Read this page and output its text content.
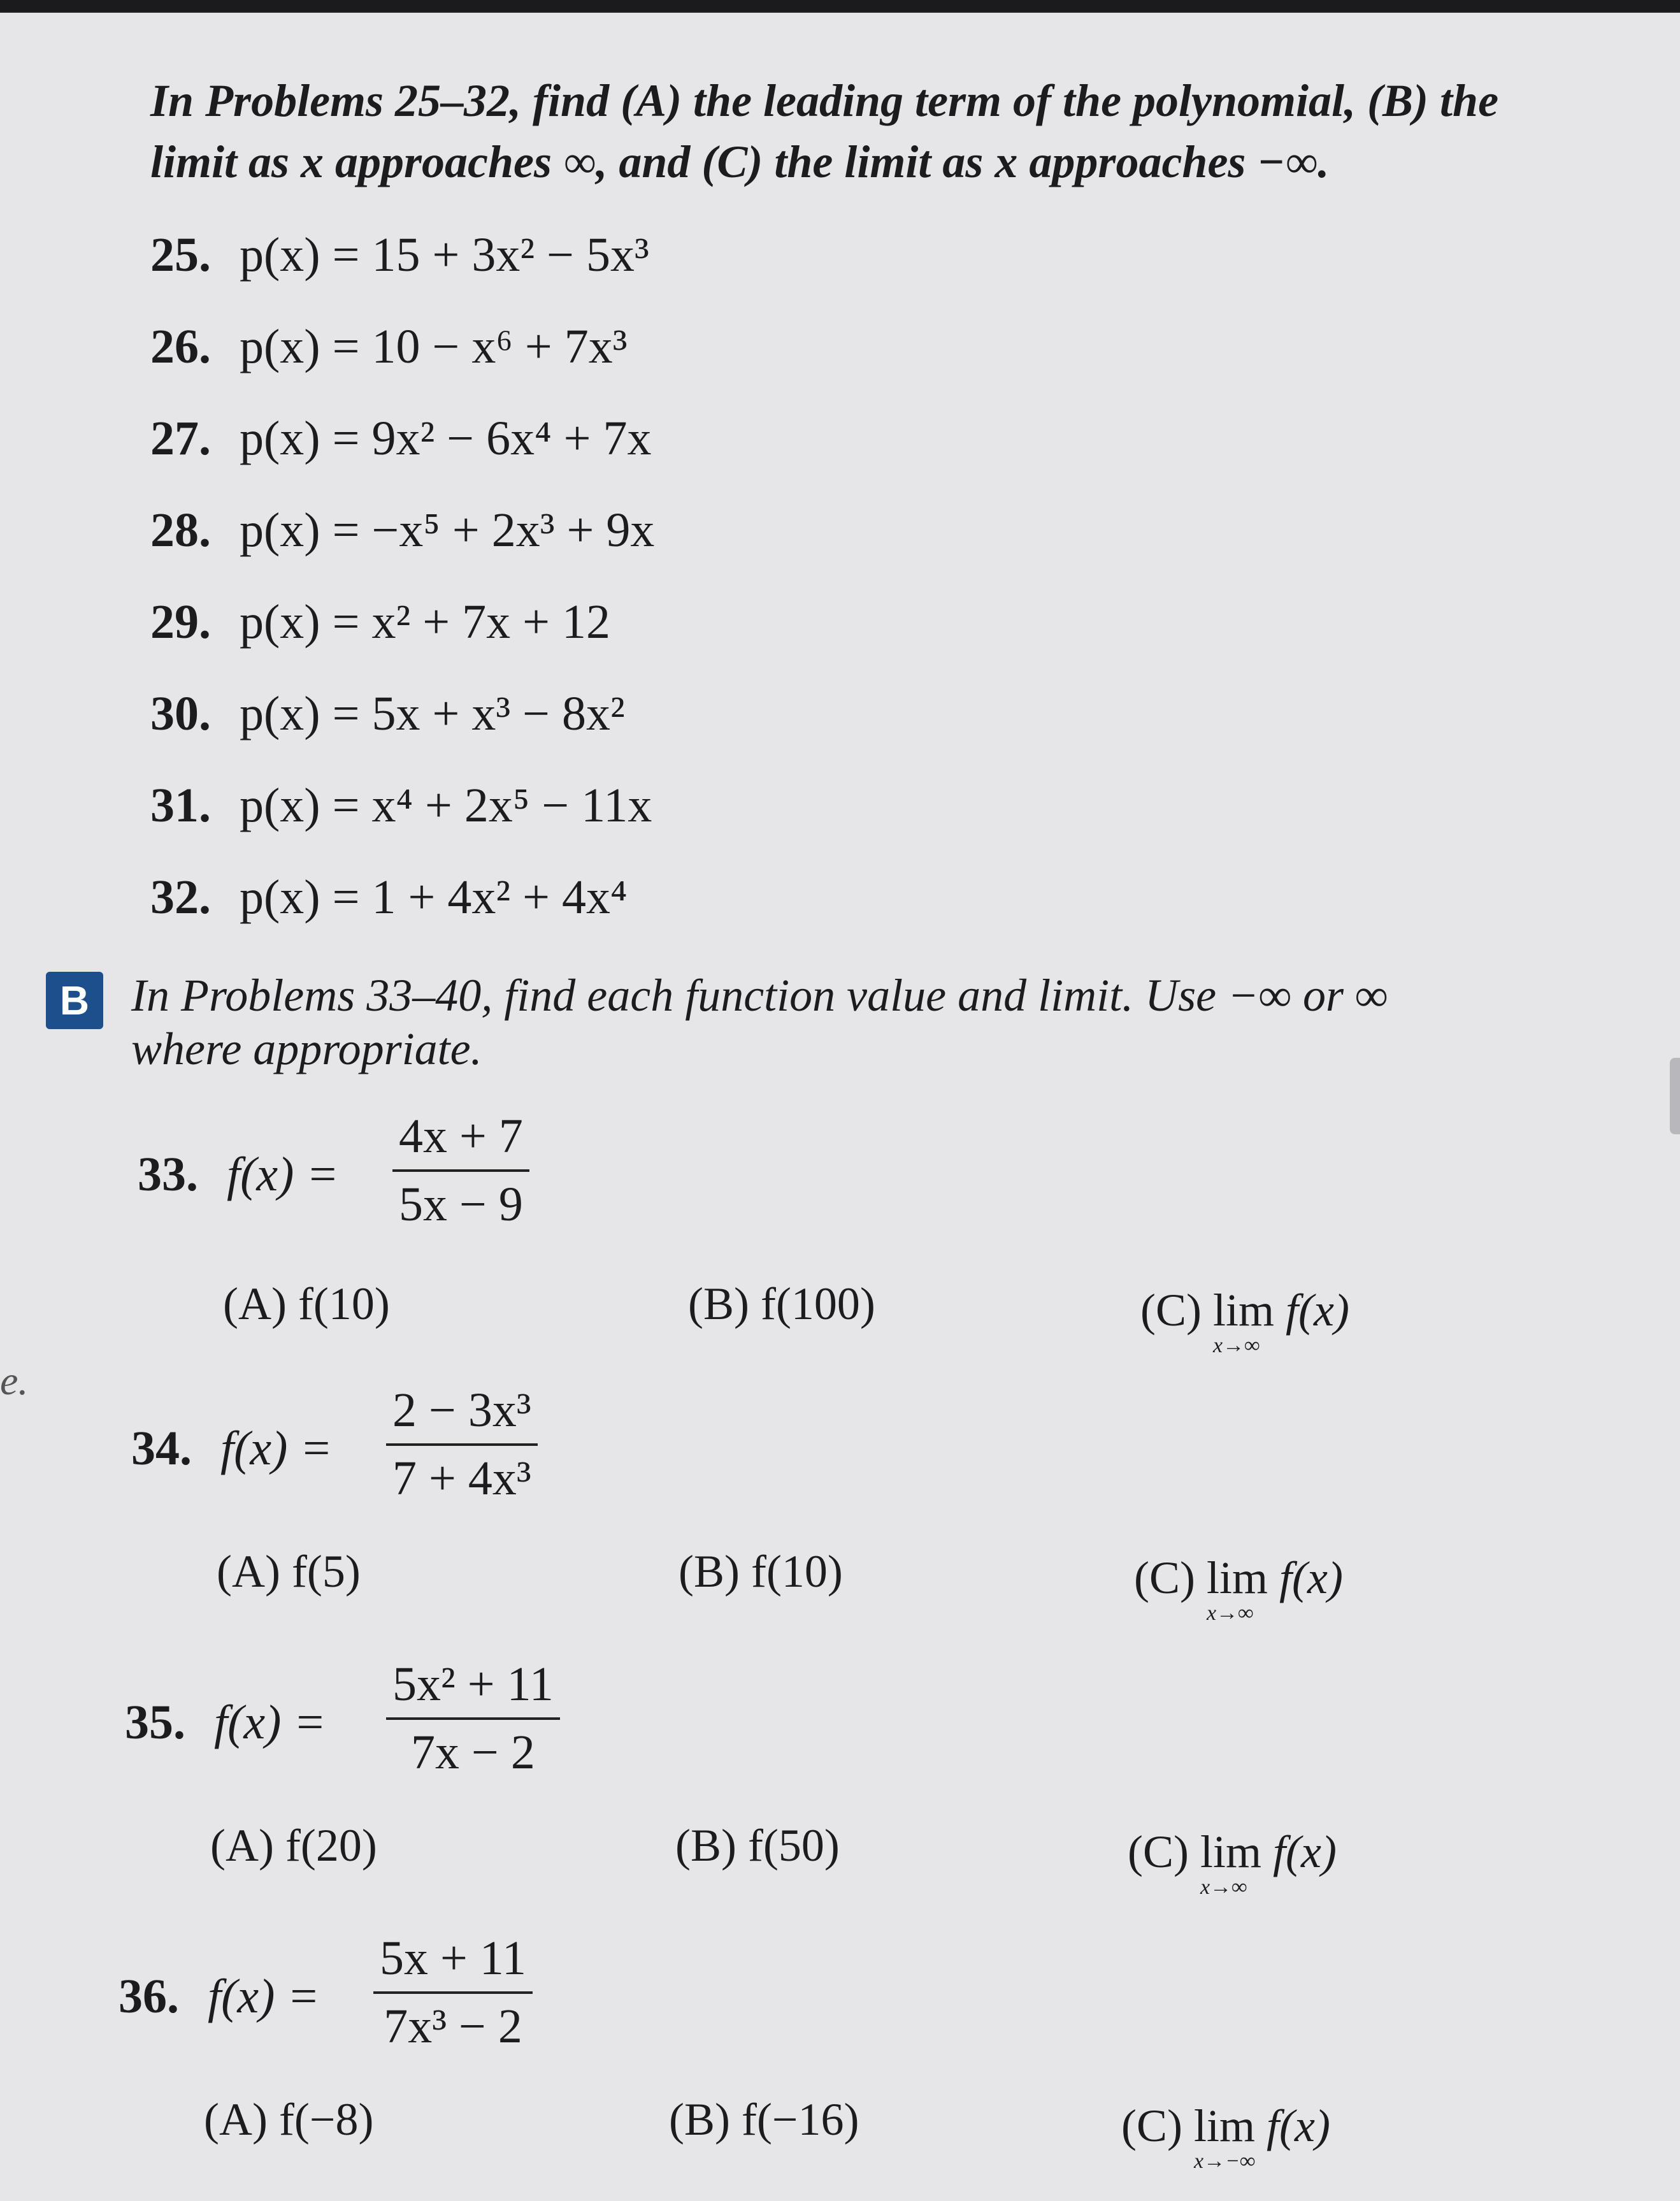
In Problems 25–32, find (A) the leading term of the polynomial, (B) the limit as x approaches ∞, and (C) the limit as x approaches −∞.
25. p(x) = 15 + 3x² − 5x³
26. p(x) = 10 − x⁶ + 7x³
27. p(x) = 9x² − 6x⁴ + 7x
28. p(x) = −x⁵ + 2x³ + 9x
29. p(x) = x² + 7x + 12
30. p(x) = 5x + x³ − 8x²
31. p(x) = x⁴ + 2x⁵ − 11x
32. p(x) = 1 + 4x² + 4x⁴
B In Problems 33–40, find each function value and limit. Use −∞ or ∞ where appropriate.
33. $f(x) = \frac{4x + 7}{5x - 9}$
(A) f(10)	(B) f(100)	(C) lim
x→∞
f(x)
34. $f(x) = \frac{\text{2 − 3x³}}{\text{7 + 4x³}}$
(A) f(5)	(B) f(10)	(C) lim
x→∞
f(x)
35. $f(x) = \frac{\text{5x² + 11}}{7x - 2}$
(A) f(20)	(B) f(50)	(C) lim
x→∞
f(x)
36. $f(x) = \frac{5x + 11}{\text{7x³ − 2}}$
(A) f(−8)	(B) f(−16)	(C) lim
x→−∞
f(x)
e.
